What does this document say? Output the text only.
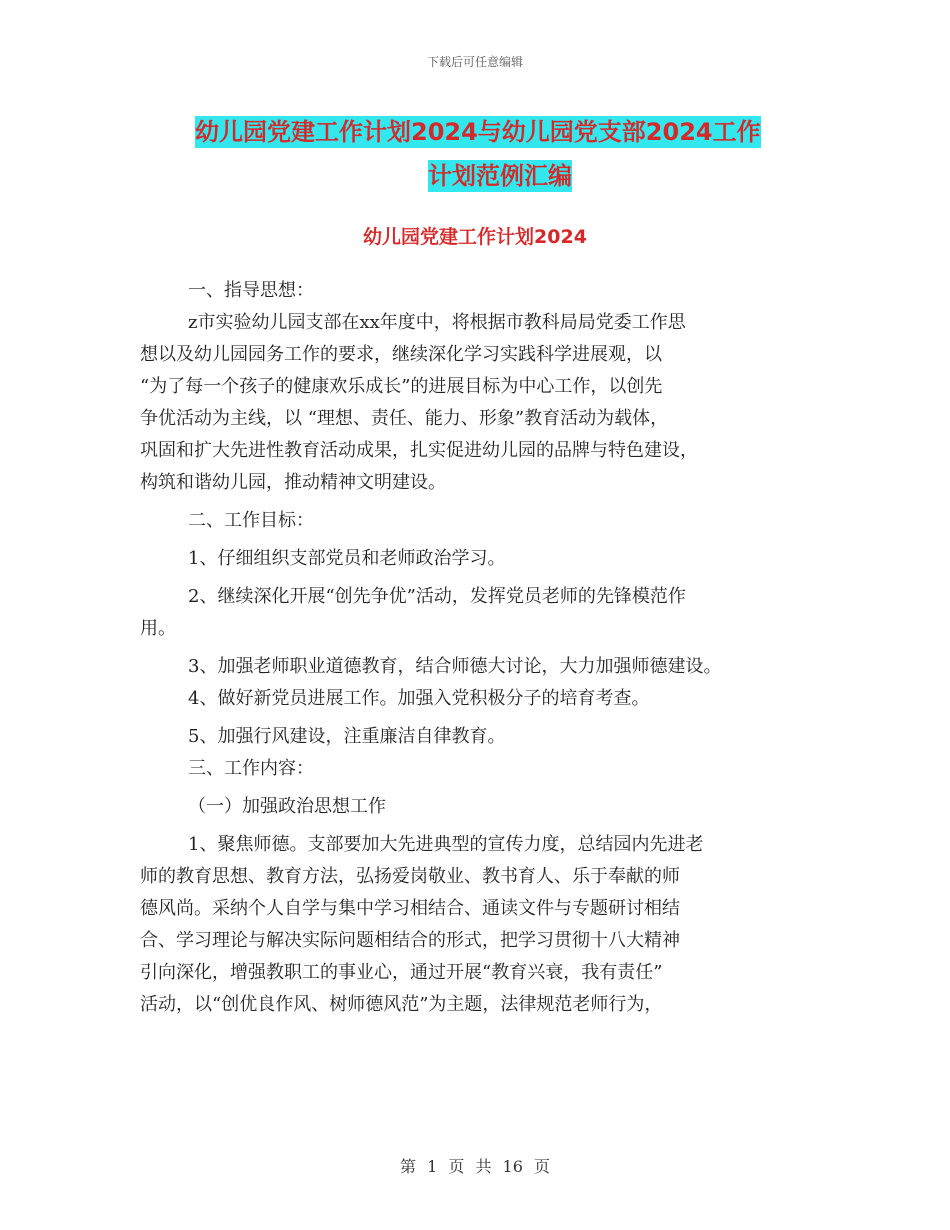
下载后可任意编辑
幼儿园党建工作计划2024与幼儿园党支部2024工作
计划范例汇编
幼儿园党建工作计划2024

一、指导思想：

z市实验幼儿园支部在xx年度中，将根据市教科局局党委工作思
想以及幼儿园园务工作的要求，继续深化学习实践科学进展观，以
“为了每一个孩子的健康欢乐成长”的进展目标为中心工作，以创先
争优活动为主线，以 “理想、责任、能力、形象”教育活动为载体，
巩固和扩大先进性教育活动成果，扎实促进幼儿园的品牌与特色建设，
构筑和谐幼儿园，推动精神文明建设。

二、工作目标：

1、仔细组织支部党员和老师政治学习。

2、继续深化开展“创先争优”活动，发挥党员老师的先锋模范作
用。

3、加强老师职业道德教育，结合师德大讨论，大力加强师德建设。

4、做好新党员进展工作。加强入党积极分子的培育考查。

5、加强行风建设，注重廉洁自律教育。

三、工作内容：

（一）加强政治思想工作

1、聚焦师德。支部要加大先进典型的宣传力度，总结园内先进老
师的教育思想、教育方法，弘扬爱岗敬业、教书育人、乐于奉献的师
德风尚。采纳个人自学与集中学习相结合、通读文件与专题研讨相结
合、学习理论与解决实际问题相结合的形式，把学习贯彻十八大精神
引向深化，增强教职工的事业心，通过开展“教育兴衰，我有责任”
活动，以“创优良作风、树师德风范”为主题，法律规范老师行为，

第 1 页 共 16 页
